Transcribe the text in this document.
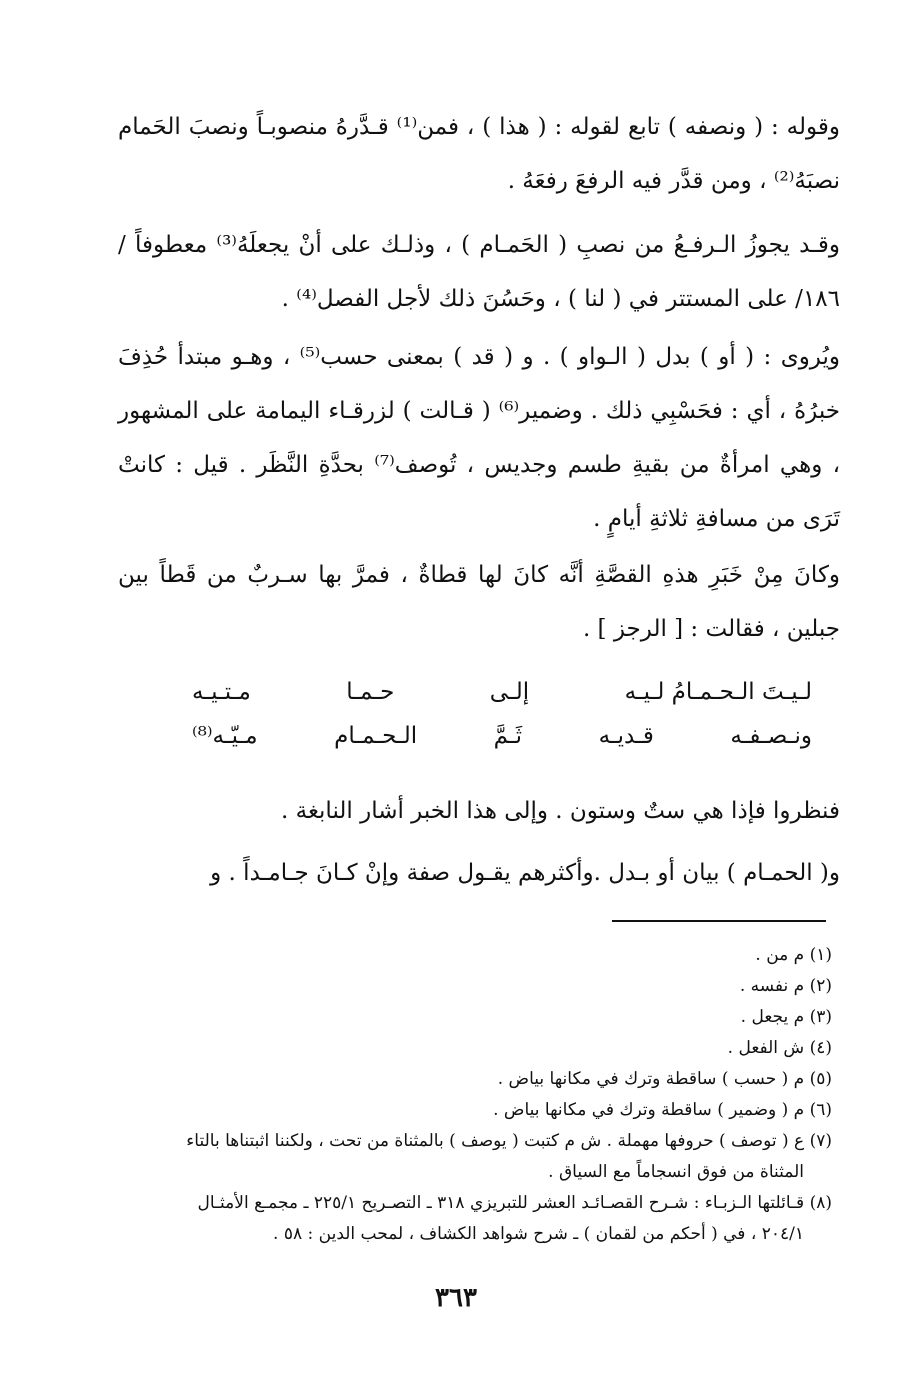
وقوله : ( ونصفه ) تابع لقوله : ( هذا ) ، فمن⁽¹⁾ قـدَّرهُ منصوبـاً ونصبَ الحَمام نصبَهُ⁽²⁾ ، ومن قدَّر فيه الرفعَ رفعَهُ .
وقـد يجوزُ الـرفـعُ من نصبِ ( الحَمـام ) ، وذلـك على أنْ يجعلَهُ⁽³⁾ معطوفاً /١٨٦/ على المستتر في ( لنا ) ، وحَسُنَ ذلك لأجل الفصل⁽⁴⁾ .
ويُروى : ( أو ) بدل ( الـواو ) . و ( قد ) بمعنى حسب⁽⁵⁾ ، وهـو مبتدأ حُذِفَ خبرُهُ ، أي : فحَسْبِي ذلك . وضمير⁽⁶⁾ ( قـالت ) لزرقـاء اليمامة على المشهور ، وهي امرأةٌ من بقيةِ طسم وجديس ، تُوصف⁽⁷⁾ بحدَّةِ النَّظَر . قيل : كانتْ تَرَى من مسافةِ ثلاثةِ أيامٍ .
وكانَ مِنْ خَبَرِ هذهِ القصَّةِ أنَّه كانَ لها قطاةٌ ، فمرَّ بها سـربٌ من قَطاً بين جبلين ، فقالت : [ الرجز ] .
لـيـتَ الـحـمـامُ لـيـه
إلـى
حـمـا
مـتـيـه
ونـصـفـه
قـديـه
ثَـمَّ
الـحـمـام
مـيّـه⁽⁸⁾
فنظروا فإذا هي ستٌ وستون . وإلى هذا الخبر أشار النابغة .
و( الحمـام ) بيان أو بـدل .وأكثرهم يقـول صفة وإنْ كـانَ جـامـداً . و

(١) م من .

(٢) م نفسه .

(٣) م يجعل .

(٤) ش الفعل .

(٥) م ( حسب ) ساقطة وترك في مكانها بياض .

(٦) م ( وضمير ) ساقطة وترك في مكانها بياض .

(٧) ع ( توصف ) حروفها مهملة . ش م كتبت ( يوصف ) بالمثناة من تحت ، ولكننا اثبتناها بالتاء

المثناة من فوق انسجاماً مع السياق .

(٨) قـائلتها الـزبـاء : شـرح القصـائـد العشر للتبريزي ٣١٨ ـ التصـريح ٢٢٥/١ ـ مجمـع الأمثـال

٢٠٤/١ ، في ( أحكم من لقمان ) ـ شرح شواهد الكشاف ، لمحب الدين : ٥٨ .

٣٦٣
